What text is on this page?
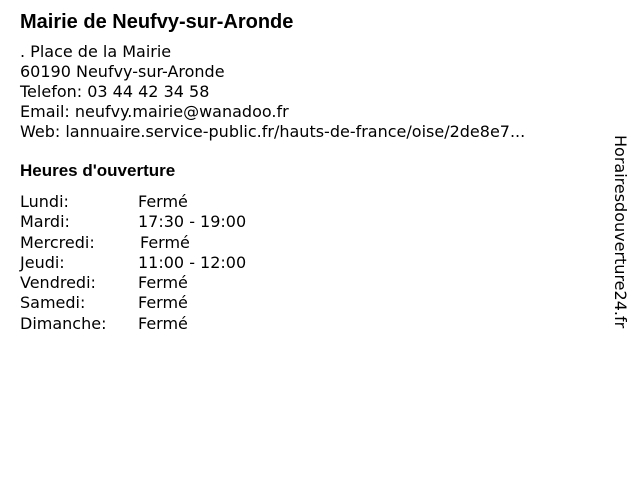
Mairie de Neufvy-sur-Aronde
. Place de la Mairie
60190 Neufvy-sur-Aronde
Telefon: 03 44 42 34 58
Email: neufvy.mairie@wanadoo.fr
Web: lannuaire.service-public.fr/hauts-de-france/oise/2de8e7...
Heures d'ouverture
Lundi:	Fermé
Mardi:	17:30 - 19:00
Mercredi:	Fermé
Jeudi:	11:00 - 12:00
Vendredi:	Fermé
Samedi:	Fermé
Dimanche: Fermé	Horairesdouverture24.fr
